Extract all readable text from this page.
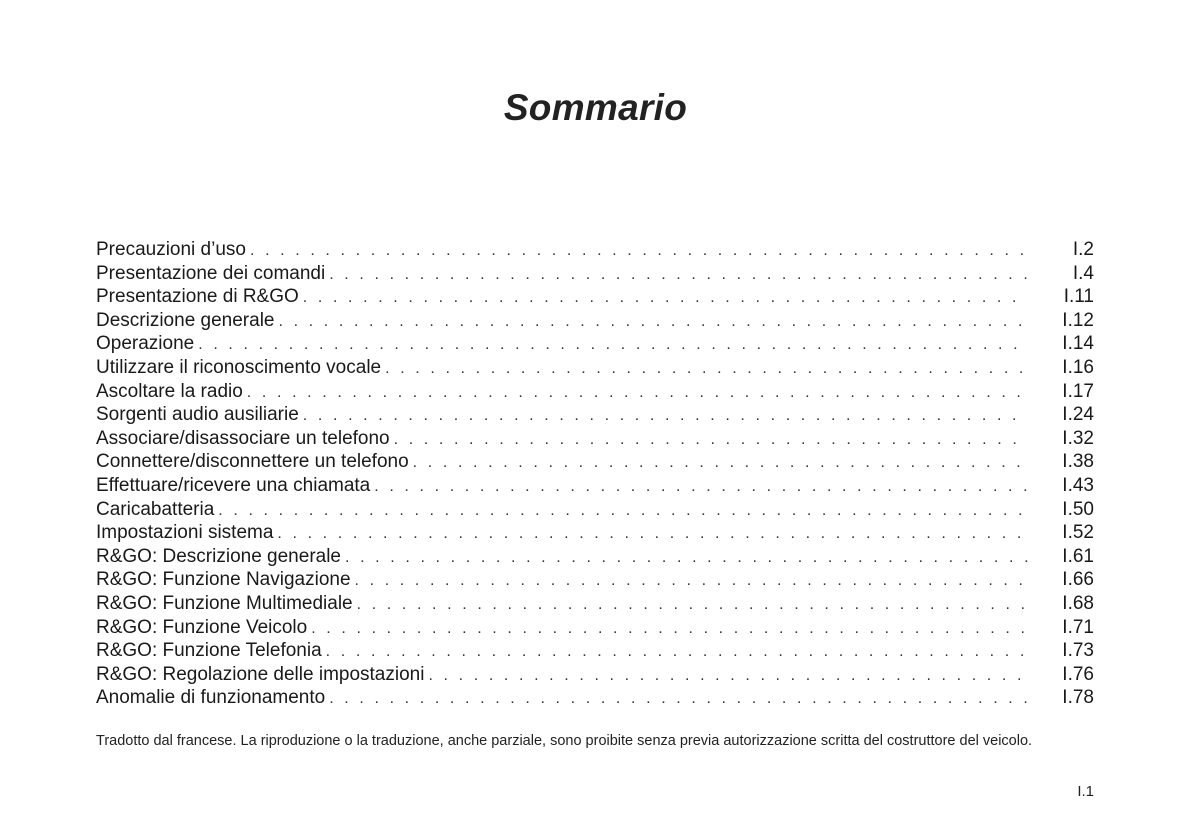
Sommario
Precauzioni d’uso . . .	I.2
Presentazione dei comandi . . .	I.4
Presentazione di R&GO . . .	I.11
Descrizione generale . . .	I.12
Operazione . . .	I.14
Utilizzare il riconoscimento vocale . . .	I.16
Ascoltare la radio . . .	I.17
Sorgenti audio ausiliarie . . .	I.24
Associare/disassociare un telefono . . .	I.32
Connettere/disconnettere un telefono . . .	I.38
Effettuare/ricevere una chiamata . . .	I.43
Caricabatteria . . .	I.50
Impostazioni sistema . . .	I.52
R&GO: Descrizione generale . . .	I.61
R&GO: Funzione Navigazione . . .	I.66
R&GO: Funzione Multimediale . . .	I.68
R&GO: Funzione Veicolo . . .	I.71
R&GO: Funzione Telefonia . . .	I.73
R&GO: Regolazione delle impostazioni . . .	I.76
Anomalie di funzionamento . . .	I.78

Tradotto dal francese. La riproduzione o la traduzione, anche parziale, sono proibite senza previa autorizzazione scritta del costruttore del veicolo.

I.1
